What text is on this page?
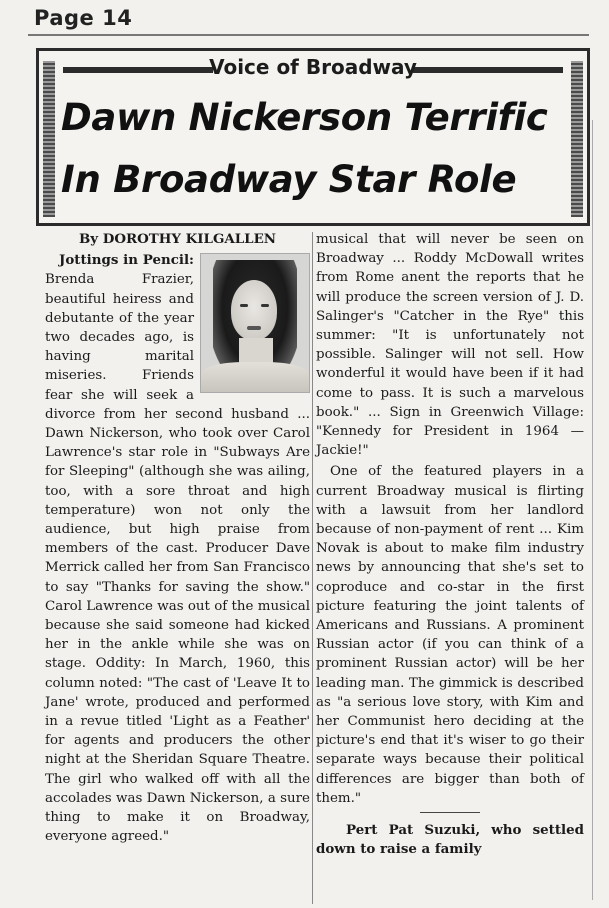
Page 14
Voice of Broadway
Dawn Nickerson Terrific
In Broadway Star Role
By DOROTHY KILGALLEN
Jottings in Pencil: Brenda Frazier, beautiful heiress and debutante of the year two decades ago, is having marital miseries. Friends fear she will seek a divorce from her second husband ... Dawn Nickerson, who took over Carol Lawrence's star role in "Subways Are for Sleeping" (although she was ailing, too, with a sore throat and high temperature) won not only the audience, but high praise from members of the cast. Producer Dave Merrick called her from San Francisco to say "Thanks for saving the show." Carol Lawrence was out of the musical because she said someone had kicked her in the ankle while she was on stage. Oddity: In March, 1960, this column noted: "The cast of 'Leave It to Jane' wrote, produced and performed in a revue titled 'Light as a Feather' for agents and producers the other night at the Sheridan Square Theatre. The girl who walked off with all the accolades was Dawn Nickerson, a sure thing to make it on Broadway, everyone agreed."
musical that will never be seen on Broadway ... Roddy McDowall writes from Rome anent the reports that he will produce the screen version of J. D. Salinger's "Catcher in the Rye" this summer: "It is unfortunately not possible. Salinger will not sell. How wonderful it would have been if it had come to pass. It is such a marvelous book." ... Sign in Greenwich Village: "Kennedy for President in 1964 — Jackie!"
One of the featured players in a current Broadway musical is flirting with a lawsuit from her landlord because of non-payment of rent ... Kim Novak is about to make film industry news by announcing that she's set to coproduce and co-star in the first picture featuring the joint talents of Americans and Russians. A prominent Russian actor (if you can think of a prominent Russian actor) will be her leading man. The gimmick is described as "a serious love story, with Kim and her Communist hero deciding at the picture's end that it's wiser to go their separate ways because their political differences are bigger than both of them."
Pert Pat Suzuki, who settled down to raise a family
